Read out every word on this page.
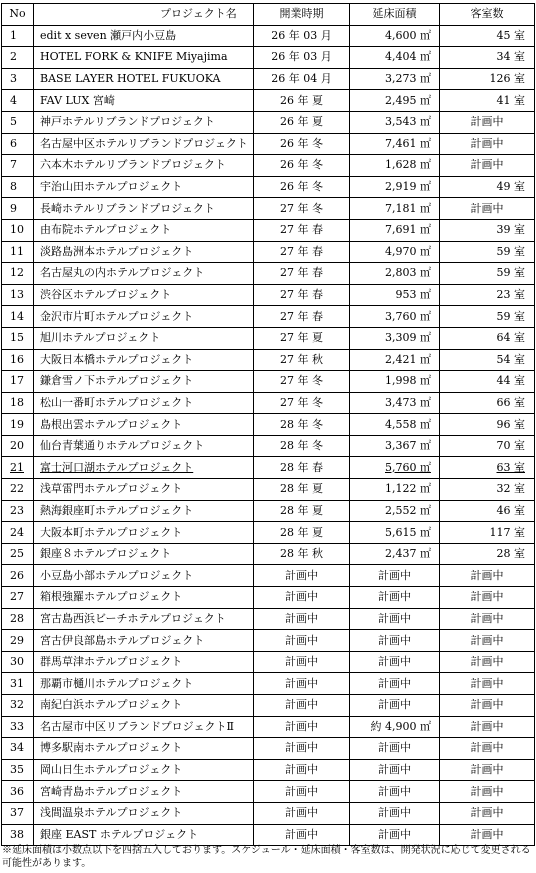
No	プロジェクト名	開業時期	延床面積	客室数
1	edit x seven 瀬戸内小豆島	26 年 03 月	4,600 ㎡	45 室
2	HOTEL FORK & KNIFE Miyajima	26 年 03 月	4,404 ㎡	34 室
3	BASE LAYER HOTEL FUKUOKA	26 年 04 月	3,273 ㎡	126 室
4	FAV LUX 宮崎	26 年 夏	2,495 ㎡	41 室
5	神戸ホテルリブランドプロジェクト	26 年 夏	3,543 ㎡	計画中
6	名古屋中区ホテルリブランドプロジェクト	26 年 冬	7,461 ㎡	計画中
7	六本木ホテルリブランドプロジェクト	26 年 冬	1,628 ㎡	計画中
8	宇治山田ホテルプロジェクト	26 年 冬	2,919 ㎡	49 室
9	長崎ホテルリブランドプロジェクト	27 年 冬	7,181 ㎡	計画中
10	由布院ホテルプロジェクト	27 年 春	7,691 ㎡	39 室
11	淡路島洲本ホテルプロジェクト	27 年 春	4,970 ㎡	59 室
12	名古屋丸の内ホテルプロジェクト	27 年 春	2,803 ㎡	59 室
13	渋谷区ホテルプロジェクト	27 年 春	953 ㎡	23 室
14	金沢市片町ホテルプロジェクト	27 年 春	3,760 ㎡	59 室
15	旭川ホテルプロジェクト	27 年 夏	3,309 ㎡	64 室
16	大阪日本橋ホテルプロジェクト	27 年 秋	2,421 ㎡	54 室
17	鎌倉雪ノ下ホテルプロジェクト	27 年 冬	1,998 ㎡	44 室
18	松山一番町ホテルプロジェクト	27 年 冬	3,473 ㎡	66 室
19	島根出雲ホテルプロジェクト	28 年 冬	4,558 ㎡	96 室
20	仙台青葉通りホテルプロジェクト	28 年 冬	3,367 ㎡	70 室
21	富士河口湖ホテルプロジェクト	28 年 春	5,760 ㎡	63 室
22	浅草雷門ホテルプロジェクト	28 年 夏	1,122 ㎡	32 室
23	熱海銀座町ホテルプロジェクト	28 年 夏	2,552 ㎡	46 室
24	大阪本町ホテルプロジェクト	28 年 夏	5,615 ㎡	117 室
25	銀座８ホテルプロジェクト	28 年 秋	2,437 ㎡	28 室
26	小豆島小部ホテルプロジェクト	計画中	計画中	計画中
27	箱根強羅ホテルプロジェクト	計画中	計画中	計画中
28	宮古島西浜ビーチホテルプロジェクト	計画中	計画中	計画中
29	宮古伊良部島ホテルプロジェクト	計画中	計画中	計画中
30	群馬草津ホテルプロジェクト	計画中	計画中	計画中
31	那覇市樋川ホテルプロジェクト	計画中	計画中	計画中
32	南紀白浜ホテルプロジェクト	計画中	計画中	計画中
33	名古屋市中区リブランドプロジェクトⅡ	計画中	約 4,900 ㎡	計画中
34	博多駅南ホテルプロジェクト	計画中	計画中	計画中
35	岡山日生ホテルプロジェクト	計画中	計画中	計画中
36	宮崎青島ホテルプロジェクト	計画中	計画中	計画中
37	浅間温泉ホテルプロジェクト	計画中	計画中	計画中
38	銀座 EAST ホテルプロジェクト	計画中	計画中	計画中
※延床面積は小数点以下を四捨五入しております。スケジュール・延床面積・客室数は、開発状況に応じて変更される可能性があります。
